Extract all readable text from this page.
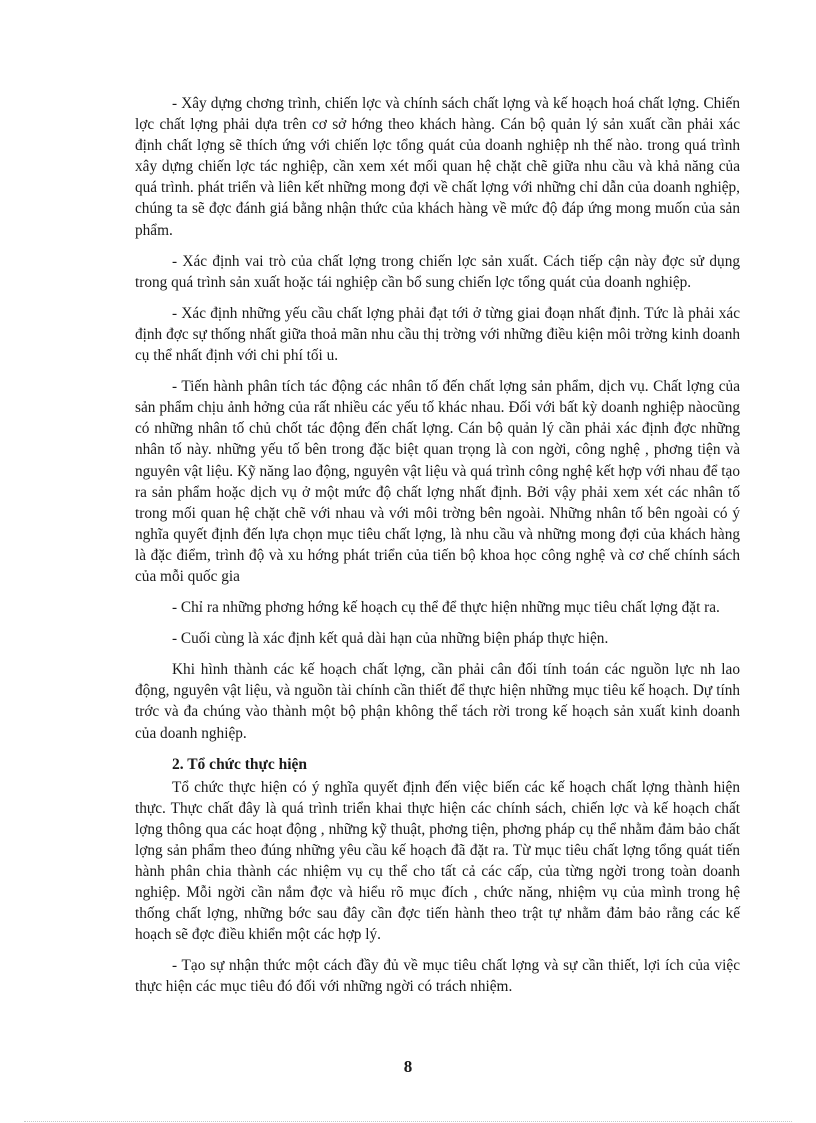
- Xây dựng chơng trình, chiến lợc và chính sách chất lợng và kế hoạch hoá chất lợng. Chiến lợc chất lợng phải dựa trên cơ sở hớng theo khách hàng. Cán bộ quản lý sản xuất cần phải xác định chất lợng sẽ thích ứng với chiến lợc tổng quát của doanh nghiệp nh thế nào. trong quá trình xây dựng chiến lợc tác nghiệp, cần xem xét mối quan hệ chặt chẽ giữa nhu cầu và khả năng của quá trình. phát triển và liên kết những mong đợi về chất lợng với những chỉ dẫn của doanh nghiệp, chúng ta sẽ đợc đánh giá bằng nhận thức của khách hàng về mức độ đáp ứng mong muốn của sản phẩm.

- Xác định vai trò của chất lợng trong chiến lợc sản xuất. Cách tiếp cận này đợc sử dụng trong quá trình sản xuất hoặc tái nghiệp cần bổ sung chiến lợc tổng quát của doanh nghiệp.

- Xác định những yếu cầu chất lợng phải đạt tới ở từng giai đoạn nhất định. Tức là phải xác định đợc sự thống nhất giữa thoả mãn nhu cầu thị trờng với những điều kiện môi trờng kinh doanh cụ thể nhất định với chi phí tối u.

- Tiến hành phân tích tác động các nhân tố đến chất lợng sản phẩm, dịch vụ. Chất lợng của sản phẩm chịu ảnh hởng của rất nhiều các yếu tố khác nhau. Đối với bất kỳ doanh nghiệp nàocũng có những nhân tố chủ chốt tác động đến chất lợng. Cán bộ quản lý cần phải xác định đợc những nhân tố này. những yếu tố bên trong đặc biệt quan trọng là con ngời, công nghệ , phơng tiện và nguyên vật liệu. Kỹ năng lao động, nguyên vật liệu và quá trình công nghệ kết hợp với nhau để tạo ra sản phẩm hoặc dịch vụ ở một mức độ chất lợng nhất định. Bởi vậy phải xem xét các nhân tố trong mối quan hệ chặt chẽ với nhau và với môi trờng bên ngoài. Những nhân tố bên ngoài có ý nghĩa quyết định đến lựa chọn mục tiêu chất lợng, là nhu cầu và những mong đợi của khách hàng là đặc điểm, trình độ và xu hớng phát triển của tiến bộ khoa học công nghệ và cơ chế chính sách của mỗi quốc gia

- Chỉ ra những phơng hớng kế hoạch cụ thể để thực hiện những mục tiêu chất lợng đặt ra.

- Cuối cùng là xác định kết quả dài hạn của những biện pháp thực hiện.

Khi hình thành các kế hoạch chất lợng, cần phải cân đối tính toán các nguồn lực nh lao động, nguyên vật liệu, và nguồn tài chính cần thiết để thực hiện những mục tiêu kế hoạch. Dự tính trớc và đa chúng vào thành một bộ phận không thể tách rời trong kế hoạch sản xuất kinh doanh của doanh nghiệp.

2. Tổ chức thực hiện

Tổ chức thực hiện có ý nghĩa quyết định đến việc biến các kế hoạch chất lợng thành hiện thực. Thực chất đây là quá trình triển khai thực hiện các chính sách, chiến lợc và kế hoạch chất lợng thông qua các hoạt động , những kỹ thuật, phơng tiện, phơng pháp cụ thể nhằm đảm bảo chất lợng sản phẩm theo đúng những yêu cầu kế hoạch đã đặt ra. Từ mục tiêu chất lợng tổng quát tiến hành phân chia thành các nhiệm vụ cụ thể cho tất cả các cấp, của từng ngời trong toàn doanh nghiệp. Mỗi ngời cần nắm đợc và hiểu rõ mục đích , chức năng, nhiệm vụ của mình trong hệ thống chất lợng, những bớc sau đây cần đợc tiến hành theo trật tự nhằm đảm bảo rằng các kế hoạch sẽ đợc điều khiển một các hợp lý.

- Tạo sự nhận thức một cách đầy đủ về mục tiêu chất lợng và sự cần thiết, lợi ích của việc thực hiện các mục tiêu đó đối với những ngời có trách nhiệm.

8
